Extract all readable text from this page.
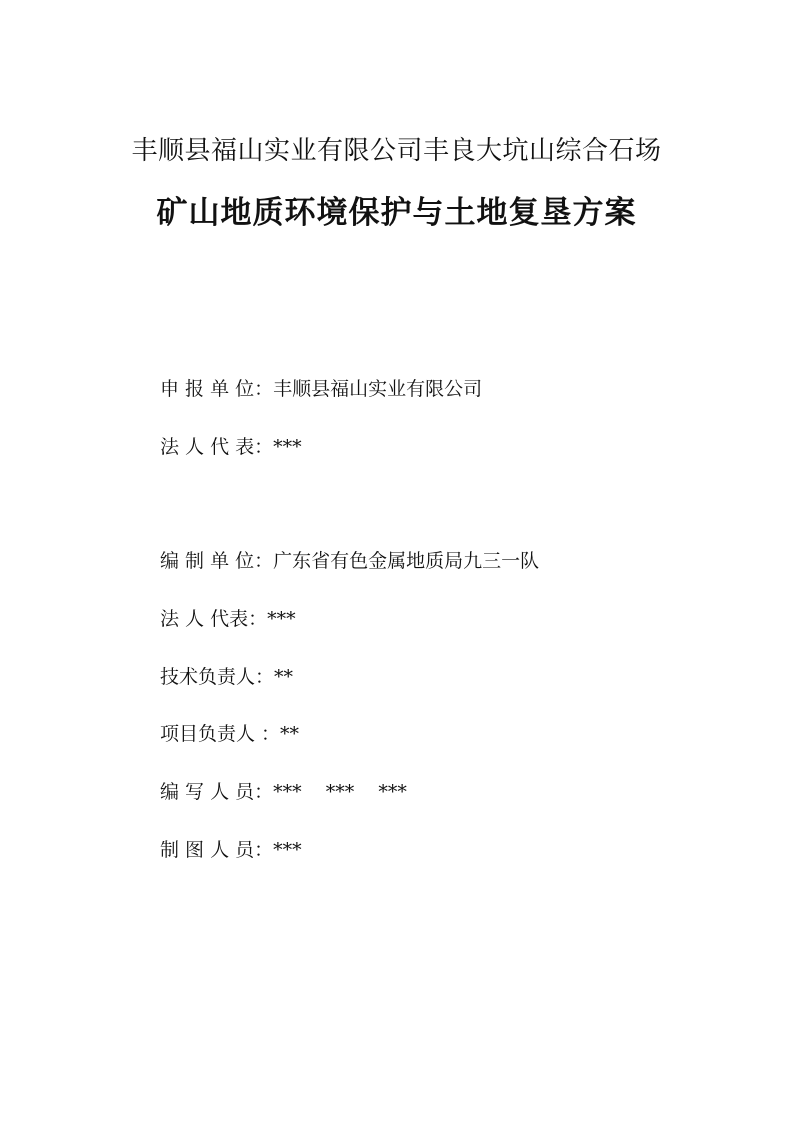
丰顺县福山实业有限公司丰良大坑山综合石场
矿山地质环境保护与土地复垦方案
申 报 单 位：丰顺县福山实业有限公司
法 人 代 表：***
编 制 单 位：广东省有色金属地质局九三一队
法 人 代表：***
技术负责人：**
项目负责人 ：**
编 写 人 员：***    ***    ***
制 图 人 员：***
